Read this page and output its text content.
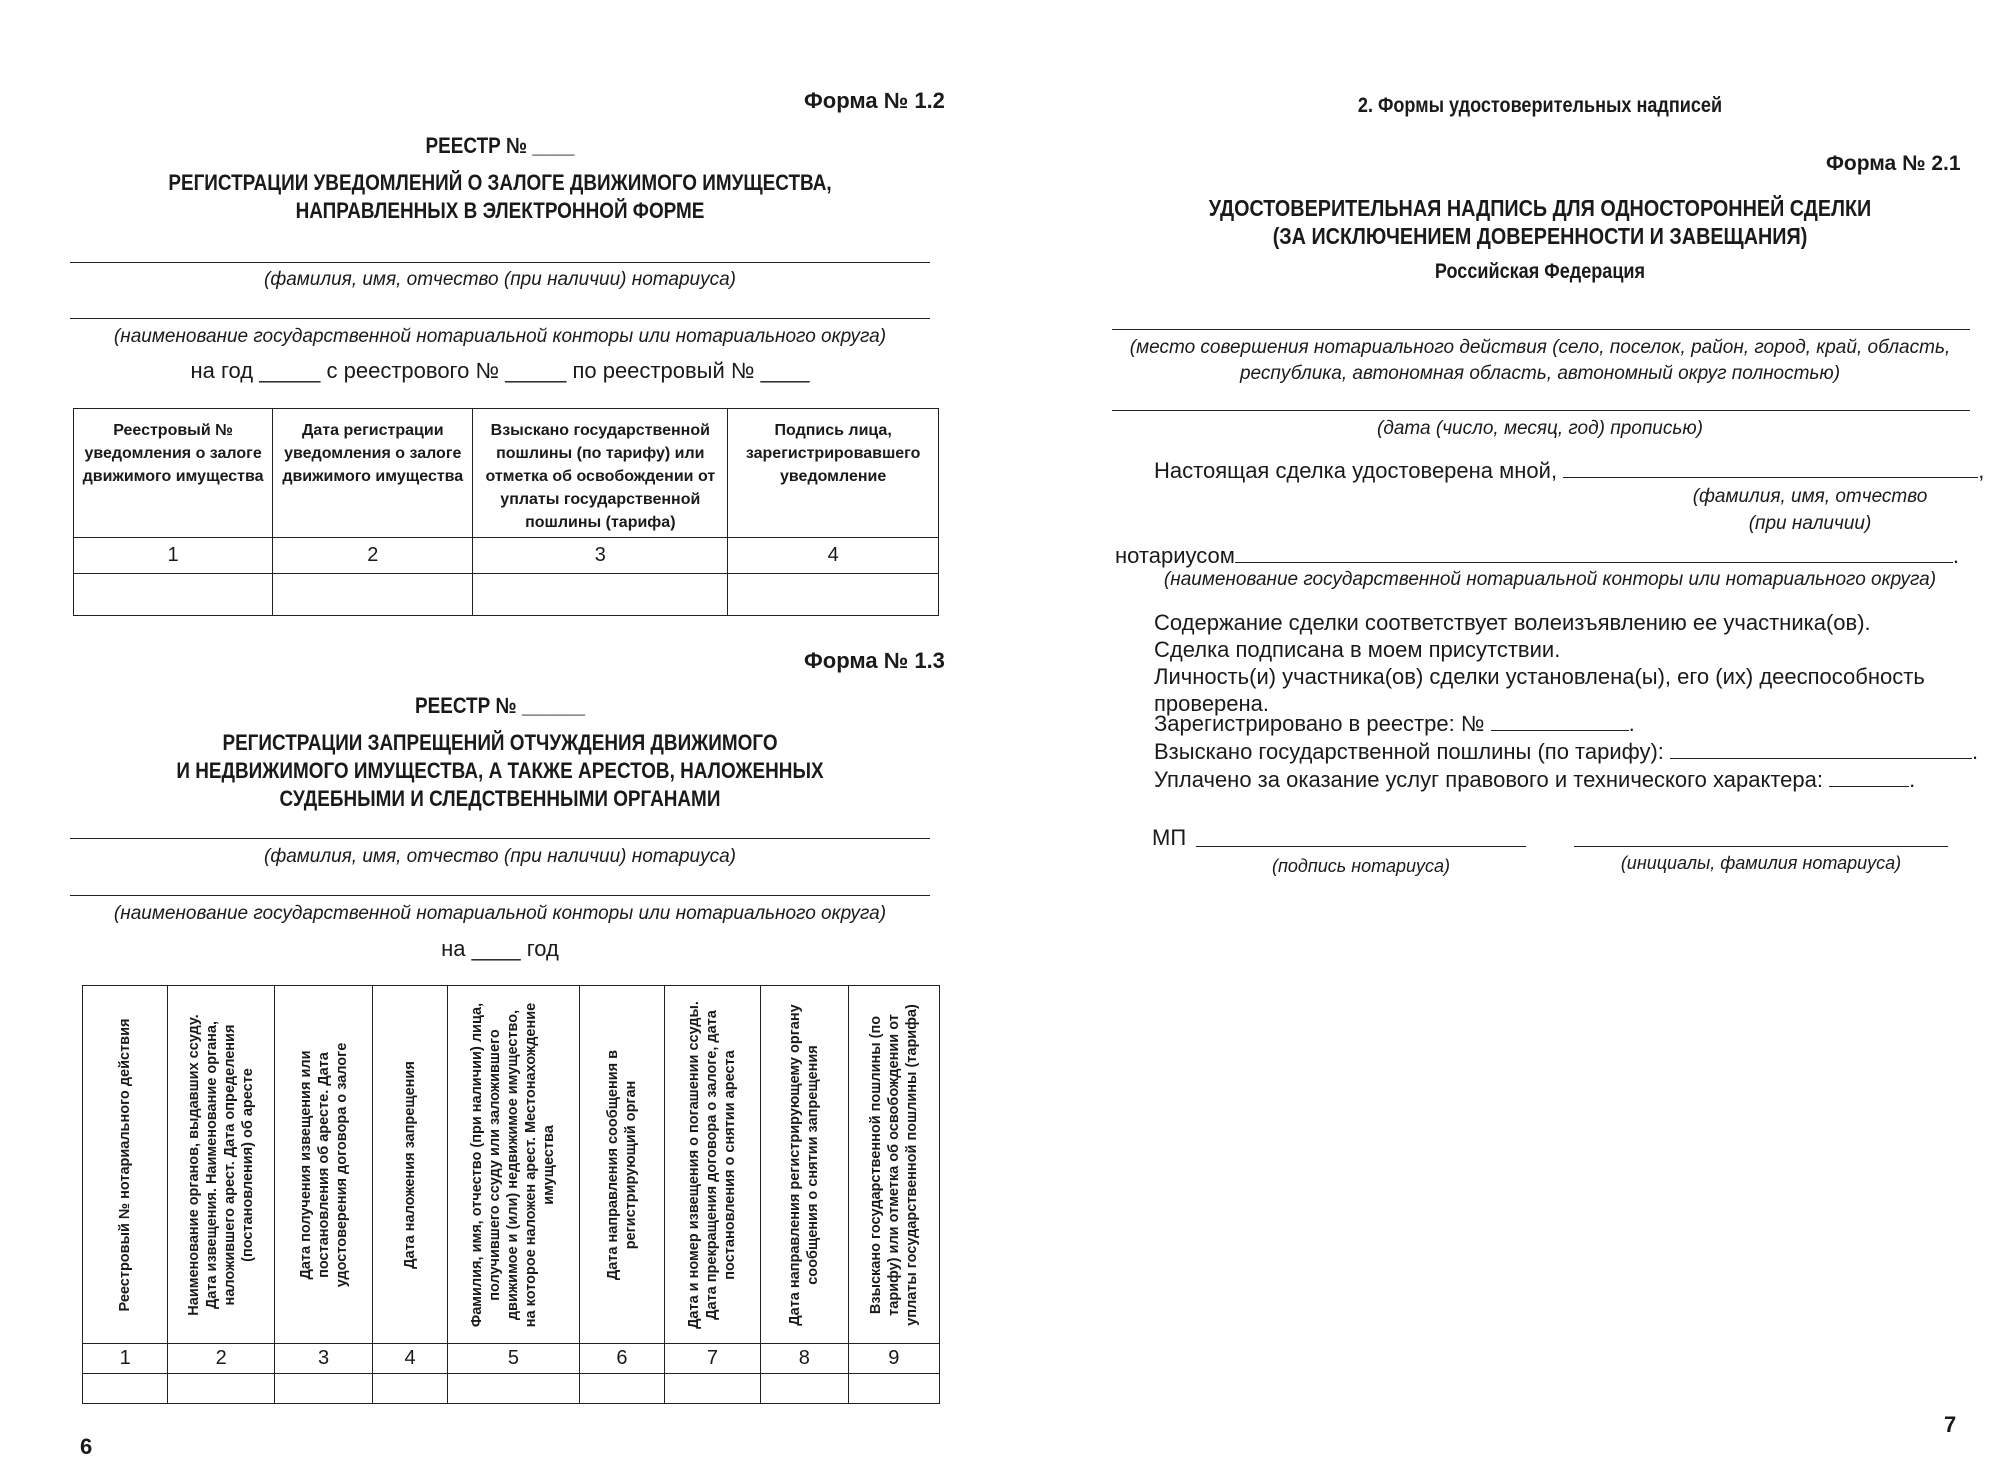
Форма № 1.2
РЕЕСТР № ____
РЕГИСТРАЦИИ УВЕДОМЛЕНИЙ О ЗАЛОГЕ ДВИЖИМОГО ИМУЩЕСТВА,
НАПРАВЛЕННЫХ В ЭЛЕКТРОННОЙ ФОРМЕ
(фамилия, имя, отчество (при наличии) нотариуса)
(наименование государственной нотариальной конторы или нотариального округа)
на год _____ с реестрового № _____ по реестровый № ____
Реестровый № уведомления о залоге движимого имущества	Дата регистрации уведомления о залоге движимого имущества	Взыскано государственной пошлины (по тарифу) или отметка об освобождении от уплаты государственной пошлины (тарифа)	Подпись лица, зарегистрировавшего уведомление
1	2	3	4

Форма № 1.3
РЕЕСТР № ______
РЕГИСТРАЦИИ ЗАПРЕЩЕНИЙ ОТЧУЖДЕНИЯ ДВИЖИМОГО
И НЕДВИЖИМОГО ИМУЩЕСТВА, А ТАКЖЕ АРЕСТОВ, НАЛОЖЕННЫХ
СУДЕБНЫМИ И СЛЕДСТВЕННЫМИ ОРГАНАМИ
(фамилия, имя, отчество (при наличии) нотариуса)
(наименование государственной нотариальной конторы или нотариального округа)
на ____ год
Реестровый № нотариального действия	Наименование органов, выдавших ссуду. Дата извещения. Наименование органа, наложившего арест. Дата определения (постановления) об аресте	Дата получения извещения или постановления об аресте. Дата удостоверения договора о залоге	Дата наложения запрещения	Фамилия, имя, отчество (при наличии) лица, получившего ссуду или заложившего движимое и (или) недвижимое имущество, на которое наложен арест. Местонахождение имущества	Дата направления сообщения в регистрирующий орган	Дата и номер извещения о погашении ссуды. Дата прекращения договора о залоге, дата постановления о снятии ареста	Дата направления регистрирующему органу сообщения о снятии запрещения	Взыскано государственной пошлины (по тарифу) или отметка об освобождении от уплаты государственной пошлины (тарифа)

1	2	3	4	5	6	7	8	9

6
2. Формы удостоверительных надписей
Форма № 2.1
УДОСТОВЕРИТЕЛЬНАЯ НАДПИСЬ ДЛЯ ОДНОСТОРОННЕЙ СДЕЛКИ
(ЗА ИСКЛЮЧЕНИЕМ ДОВЕРЕННОСТИ И ЗАВЕЩАНИЯ)
Российская Федерация
(место совершения нотариального действия (село, поселок, район, город, край, область,
республика, автономная область, автономный округ полностью)
(дата (число, месяц, год) прописью)
Настоящая сделка удостоверена мной,	,
(фамилия, имя, отчество
(при наличии)
нотариусом	.
(наименование государственной нотариальной конторы или нотариального округа)
Содержание сделки соответствует волеизъявлению ее участника(ов).
Сделка подписана в моем присутствии.
Личность(и) участника(ов) сделки установлена(ы), его (их) дееспособность проверена.
Зарегистрировано в реестре: №	.
Взыскано государственной пошлины (по тарифу):	.
Уплачено за оказание услуг правового и технического характера:	.
МП
(подпись нотариуса)	(инициалы, фамилия нотариуса)
7
